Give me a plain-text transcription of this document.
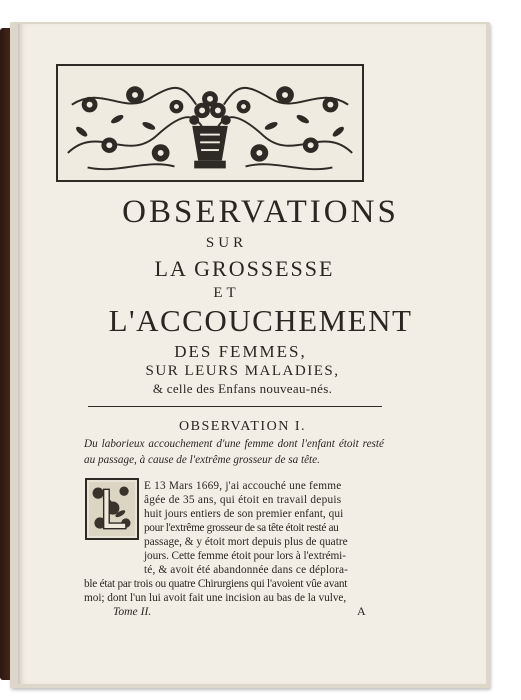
OBSERVATIONS
SUR
LA GROSSESSE
ET
L'ACCOUCHEMENT
DES FEMMES,
SUR LEURS MALADIES,
& celle des Enfans nouveau-nés.
OBSERVATION I.
Du laborieux accouchement d'une femme dont l'enfant étoit resté au passage, à cause de l'extrême grosseur de sa tête.
E 13 Mars 1669, j'ai accouché une femme
âgée de 35 ans, qui étoit en travail depuis
huit jours entiers de son premier enfant, qui
pour l'extrême grosseur de sa tête étoit resté au
passage, & y étoit mort depuis plus de quatre
jours. Cette femme étoit pour lors à l'extrémi-
té, & avoit été abandonnée dans ce déplora-
ble état par trois ou quatre Chirurgiens qui l'avoient vûe avant
moi; dont l'un lui avoit fait une incision au bas de la vulve,
Tome II.	A
